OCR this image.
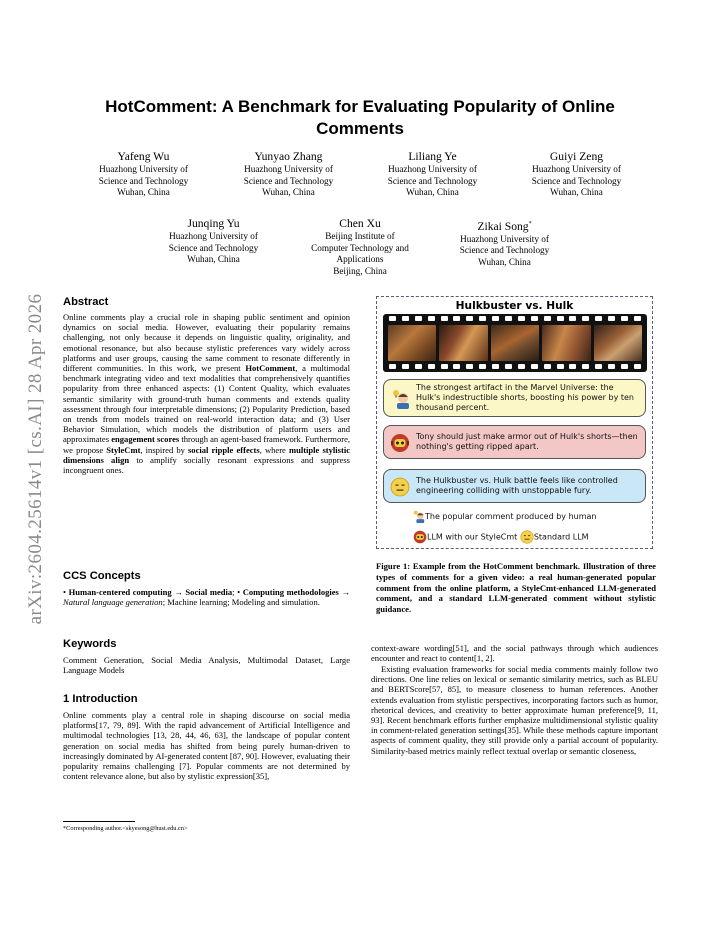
arXiv:2604.25614v1 [cs.AI] 28 Apr 2026
HotComment: A Benchmark for Evaluating Popularity of Online
Comments
Yafeng Wu
Huazhong University of
Science and Technology
Wuhan, China
Yunyao Zhang
Huazhong University of
Science and Technology
Wuhan, China
Liliang Ye
Huazhong University of
Science and Technology
Wuhan, China
Guiyi Zeng
Huazhong University of
Science and Technology
Wuhan, China
Junqing Yu
Huazhong University of
Science and Technology
Wuhan, China
Chen Xu
Beijing Institute of
Computer Technology and
Applications
Beijing, China
Zikai Song*
Huazhong University of
Science and Technology
Wuhan, China
Abstract
Online comments play a crucial role in shaping public sentiment and opinion dynamics on social media. However, evaluating their popularity remains challenging, not only because it depends on linguistic quality, originality, and emotional resonance, but also because stylistic preferences vary widely across platforms and user groups, causing the same comment to resonate differently in different communities. In this work, we present HotComment, a multimodal benchmark integrating video and text modalities that comprehensively quantifies popularity from three enhanced aspects: (1) Content Quality, which evaluates semantic similarity with ground-truth human comments and extends quality assessment through four interpretable dimensions; (2) Popularity Prediction, based on trends from models trained on real-world interaction data; and (3) User Behavior Simulation, which models the distribution of platform users and approximates engagement scores through an agent-based framework. Furthermore, we propose StyleCmt, inspired by social ripple effects, where multiple stylistic dimensions align to amplify socially resonant expressions and suppress incongruent ones.
CCS Concepts
• Human-centered computing → Social media; • Computing methodologies → Natural language generation; Machine learning; Modeling and simulation.
Keywords
Comment Generation, Social Media Analysis, Multimodal Dataset, Large Language Models
1 Introduction
Online comments play a central role in shaping discourse on social media platforms[17, 79, 89]. With the rapid advancement of Artificial Intelligence and multimodal technologies [13, 28, 44, 46, 63], the landscape of popular content generation on social media has shifted from being purely human-driven to increasingly dominated by AI-generated content [87, 90]. However, evaluating their popularity remains challenging [7]. Popular comments are not determined by content relevance alone, but also by stylistic expression[35],
*Corresponding author.<skyesong@hust.edu.cn>
Hulkbuster vs. Hulk
The strongest artifact in the Marvel Universe: the Hulk's indestructible shorts, boosting his power by ten thousand percent.
Tony should just make armor out of Hulk's shorts—then nothing's getting ripped apart.
The Hulkbuster vs. Hulk battle feels like controlled engineering colliding with unstoppable fury.
The popular comment produced by human
LLM with our StyleCmt Standard LLM
Figure 1: Example from the HotComment benchmark. Illustration of three types of comments for a given video: a real human-generated popular comment from the online platform, a StyleCmt-enhanced LLM-generated comment, and a standard LLM-generated comment without stylistic guidance.
context-aware wording[51], and the social pathways through which audiences encounter and react to content[1, 2].
Existing evaluation frameworks for social media comments mainly follow two directions. One line relies on lexical or semantic similarity metrics, such as BLEU and BERTScore[57, 85], to measure closeness to human references. Another extends evaluation from stylistic perspectives, incorporating factors such as humor, rhetorical devices, and creativity to better approximate human preference[9, 11, 93]. Recent benchmark efforts further emphasize multidimensional stylistic quality in comment-related generation settings[35]. While these methods capture important aspects of comment quality, they still provide only a partial account of popularity. Similarity-based metrics mainly reflect textual overlap or semantic closeness,
